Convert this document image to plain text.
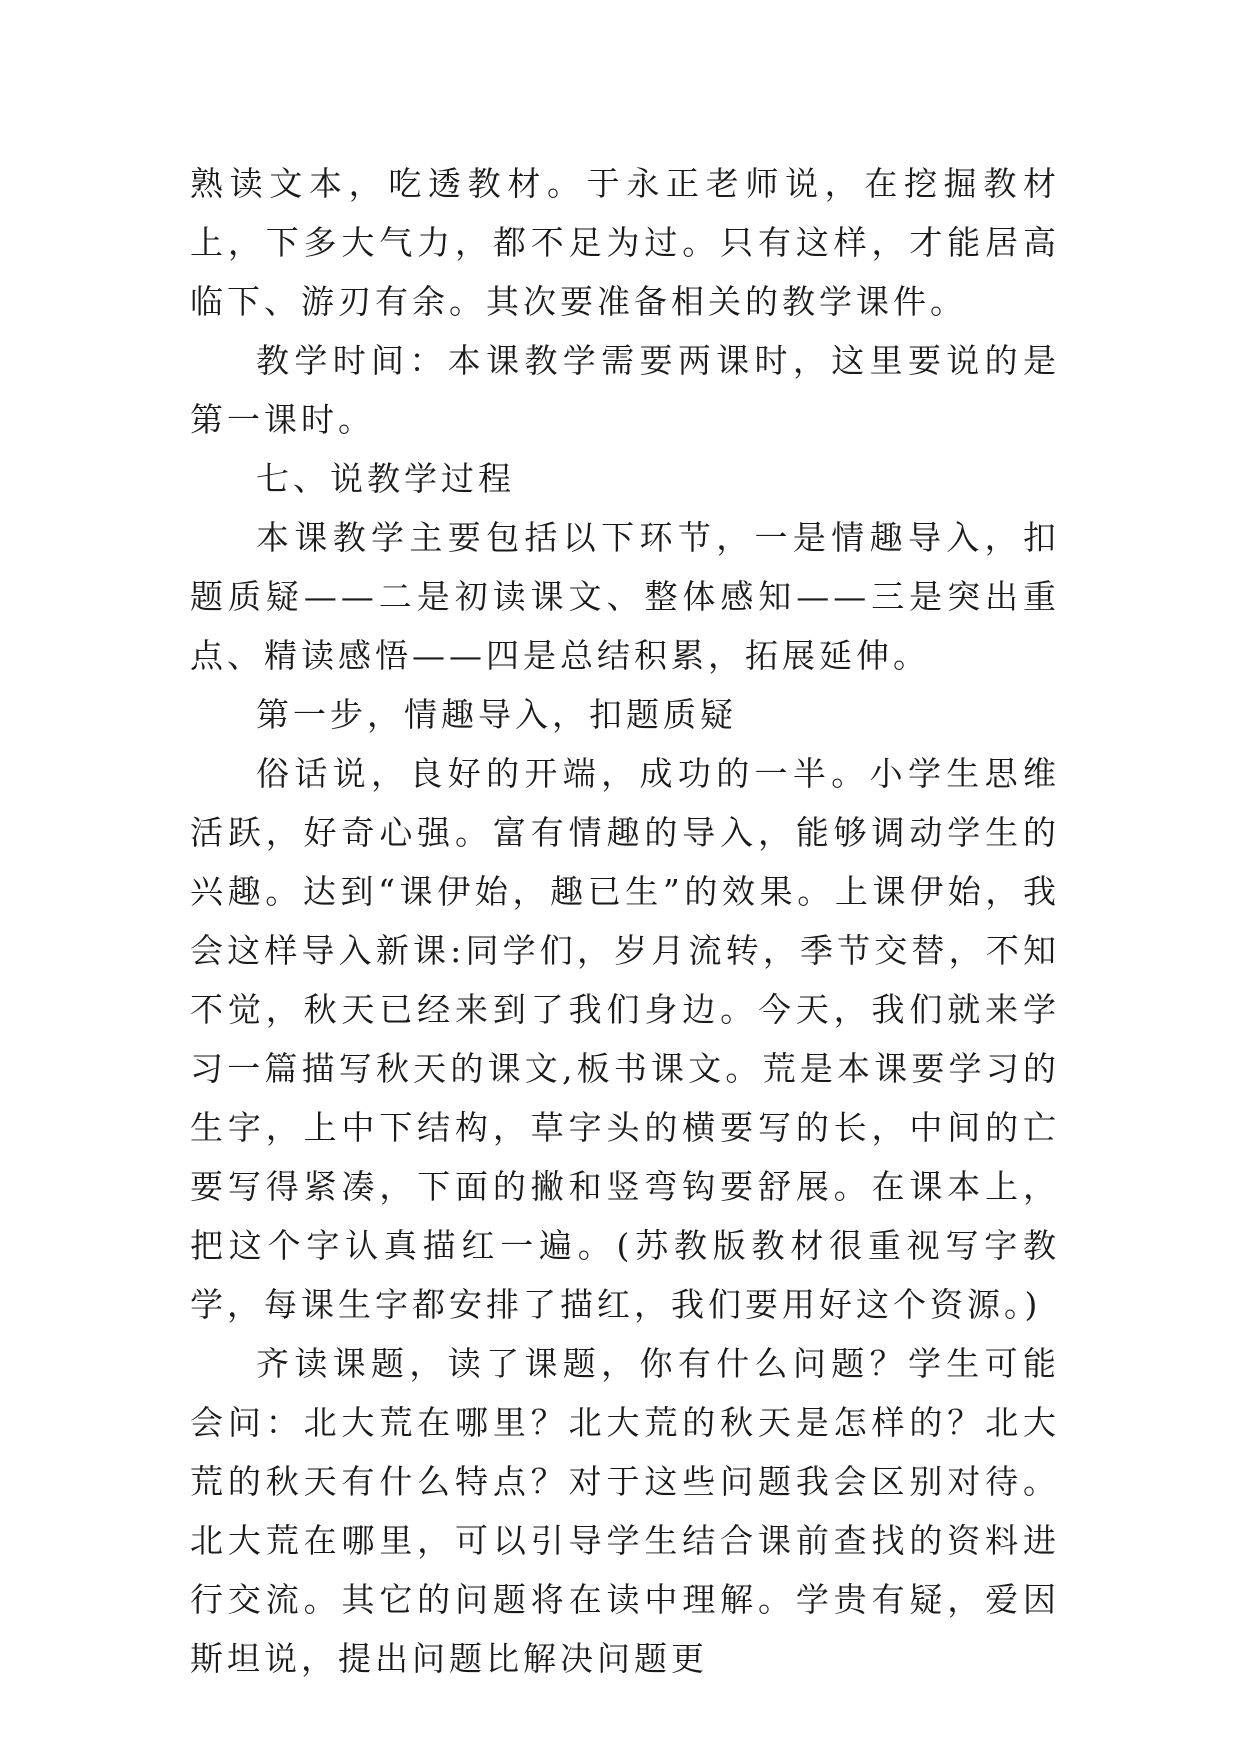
熟读文本，吃透教材。于永正老师说，在挖掘教材上，下多大气力，都不足为过。只有这样，才能居高临下、游刃有余。其次要准备相关的教学课件。

教学时间：本课教学需要两课时，这里要说的是第一课时。

七、说教学过程

本课教学主要包括以下环节，一是情趣导入，扣题质疑——二是初读课文、整体感知——三是突出重点、精读感悟——四是总结积累，拓展延伸。

第一步，情趣导入，扣题质疑

俗话说，良好的开端，成功的一半。小学生思维活跃，好奇心强。富有情趣的导入，能够调动学生的兴趣。达到“课伊始，趣已生”的效果。上课伊始，我会这样导入新课:同学们，岁月流转，季节交替，不知不觉，秋天已经来到了我们身边。今天，我们就来学习一篇描写秋天的课文,板书课文。荒是本课要学习的生字，上中下结构，草字头的横要写的长，中间的亡要写得紧凑，下面的撇和竖弯钩要舒展。在课本上，把这个字认真描红一遍。(苏教版教材很重视写字教学，每课生字都安排了描红，我们要用好这个资源。)

齐读课题，读了课题，你有什么问题？学生可能会问：北大荒在哪里？北大荒的秋天是怎样的？北大荒的秋天有什么特点？对于这些问题我会区别对待。北大荒在哪里，可以引导学生结合课前查找的资料进行交流。其它的问题将在读中理解。学贵有疑，爱因斯坦说，提出问题比解决问题更
